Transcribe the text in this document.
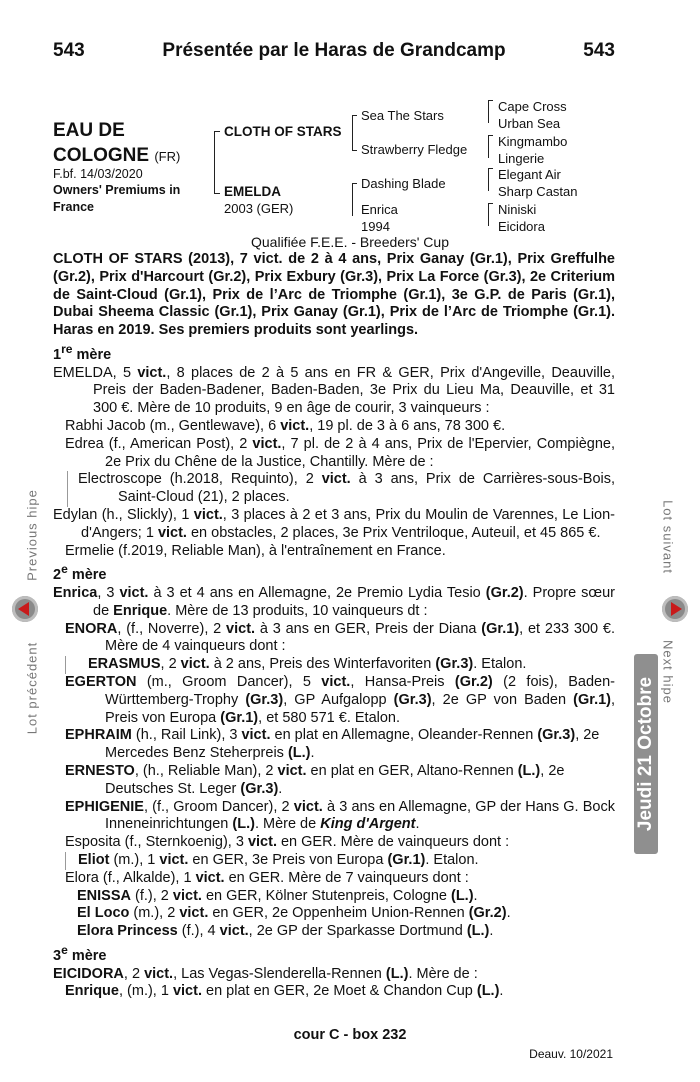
543	Présentée par le Haras de Grandcamp	543
EAU DE
COLOGNE (FR)
F.bf. 14/03/2020
Owners' Premiums in France
CLOTH OF STARS
EMELDA
2003 (GER)
Sea The Stars
Strawberry Fledge
Dashing Blade
Enrica
1994
Cape Cross
Urban Sea
Kingmambo
Lingerie
Elegant Air
Sharp Castan
Niniski
Eicidora
Qualifiée F.E.E. - Breeders' Cup

CLOTH OF STARS (2013), 7 vict. de 2 à 4 ans, Prix Ganay (Gr.1), Prix Greffulhe (Gr.2), Prix d'Harcourt (Gr.2), Prix Exbury (Gr.3), Prix La Force (Gr.3), 2e Criterium de Saint-Cloud (Gr.1), Prix de l’Arc de Triomphe (Gr.1), 3e G.P. de Paris (Gr.1), Dubai Sheema Classic (Gr.1), Prix Ganay (Gr.1), Prix de l’Arc de Triomphe (Gr.1). Haras en 2019. Ses premiers produits sont yearlings.

1re mère

EMELDA, 5 vict., 8 places de 2 à 5 ans en FR & GER, Prix d'Angeville, Deauville, Preis der Baden-Badener, Baden-Baden, 3e Prix du Lieu Ma, Deauville, et 31 300 €. Mère de 10 produits, 9 en âge de courir, 3 vainqueurs :

Rabhi Jacob (m., Gentlewave), 6 vict., 19 pl. de 3 à 6 ans, 78 300 €.

Edrea (f., American Post), 2 vict., 7 pl. de 2 à 4 ans, Prix de l'Epervier, Compiègne, 2e Prix du Chêne de la Justice, Chantilly. Mère de :

Electroscope (h.2018, Requinto), 2 vict. à 3 ans, Prix de Carrières-sous-Bois, Saint-Cloud (21), 2 places.

Edylan (h., Slickly), 1 vict., 3 places à 2 et 3 ans, Prix du Moulin de Varennes, Le Lion-d'Angers; 1 vict. en obstacles, 2 places, 3e Prix Ventriloque, Auteuil, et 45 865 €.

Ermelie (f.2019, Reliable Man), à l'entraînement en France.

2e mère

Enrica, 3 vict. à 3 et 4 ans en Allemagne, 2e Premio Lydia Tesio (Gr.2). Propre sœur de Enrique. Mère de 13 produits, 10 vainqueurs dt :

ENORA, (f., Noverre), 2 vict. à 3 ans en GER, Preis der Diana (Gr.1), et 233 300 €. Mère de 4 vainqueurs dont :

ERASMUS, 2 vict. à 2 ans, Preis des Winterfavoriten (Gr.3). Etalon.

EGERTON (m., Groom Dancer), 5 vict., Hansa-Preis (Gr.2) (2 fois), Baden-Württemberg-Trophy (Gr.3), GP Aufgalopp (Gr.3), 2e GP von Baden (Gr.1), Preis von Europa (Gr.1), et 580 571 €. Etalon.

EPHRAIM (h., Rail Link), 3 vict. en plat en Allemagne, Oleander-Rennen (Gr.3), 2e Mercedes Benz Steherpreis (L.).

ERNESTO, (h., Reliable Man), 2 vict. en plat en GER, Altano-Rennen (L.), 2e Deutsches St. Leger (Gr.3).

EPHIGENIE, (f., Groom Dancer), 2 vict. à 3 ans en Allemagne, GP der Hans G. Bock Inneneinrichtungen (L.). Mère de King d'Argent.

Esposita (f., Sternkoenig), 3 vict. en GER. Mère de vainqueurs dont :

Eliot (m.), 1 vict. en GER, 3e Preis von Europa (Gr.1). Etalon.

Elora (f., Alkalde), 1 vict. en GER. Mère de 7 vainqueurs dont :

ENISSA (f.), 2 vict. en GER, Kölner Stutenpreis, Cologne (L.).

El Loco (m.), 2 vict. en GER, 2e Oppenheim Union-Rennen (Gr.2).

Elora Princess (f.), 4 vict., 2e GP der Sparkasse Dortmund (L.).

3e mère

EICIDORA, 2 vict., Las Vegas-Slenderella-Rennen (L.). Mère de :

Enrique, (m.), 1 vict. en plat en GER, 2e Moet & Chandon Cup (L.).

cour C - box 232
Deauv. 10/2021
Previous hipe
Lot précédent
Lot suivant
Next hipe
Jeudi 21 Octobre
